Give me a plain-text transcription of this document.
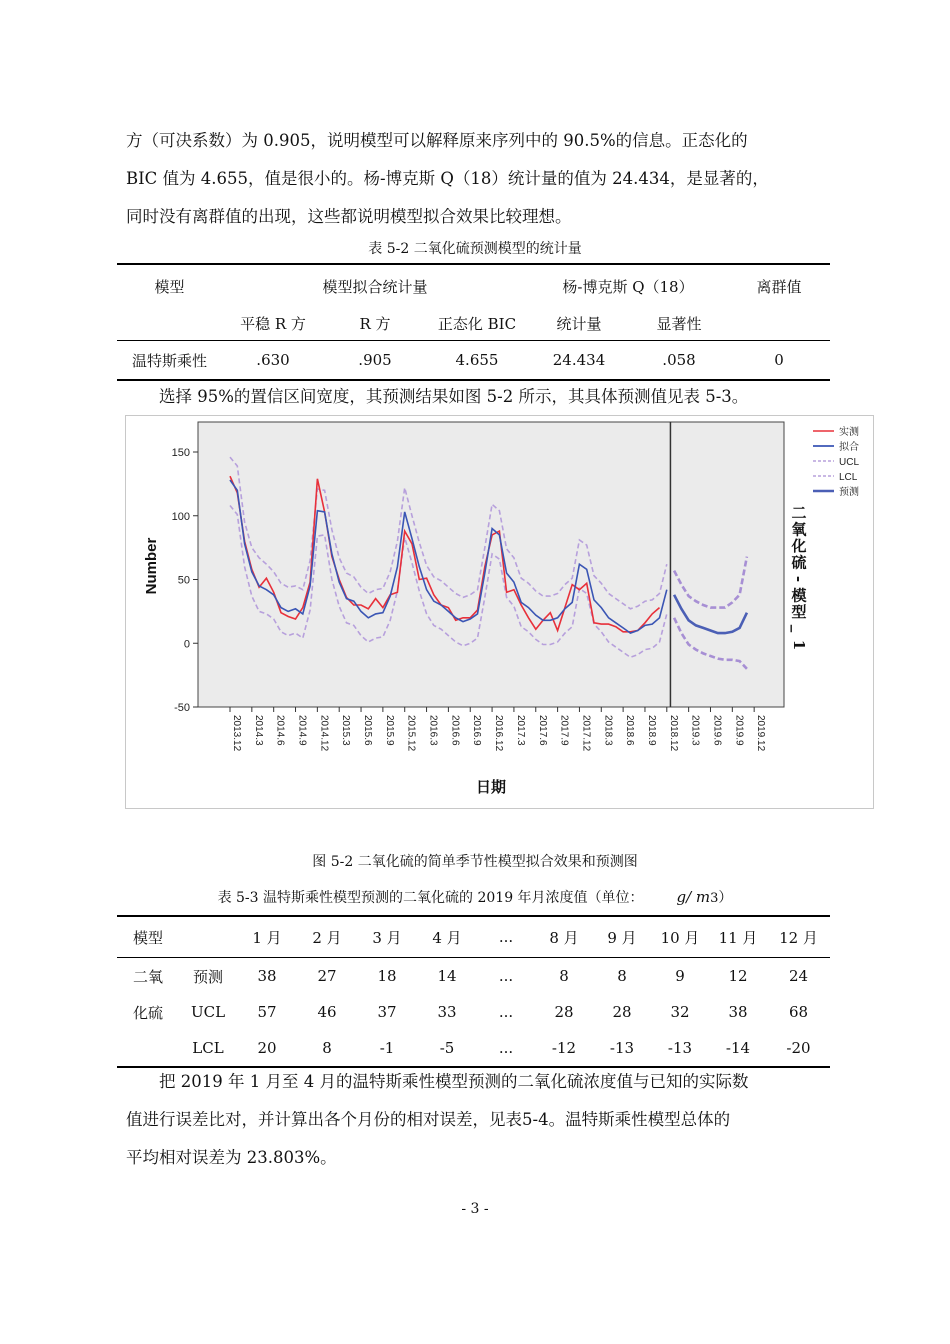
方（可决系数）为 0.905，说明模型可以解释原来序列中的 90.5%的信息。正态化的

BIC 值为 4.655，值是很小的。杨-博克斯 Q（18）统计量的值为 24.434，是显著的，

同时没有离群值的出现，这些都说明模型拟合效果比较理想。

表 5-2 二氧化硫预测模型的统计量
模型	模型拟合统计量			杨-博克斯 Q（18）		离群值
	平稳 R 方	R 方	正态化 BIC	统计量	显著性	
温特斯乘性	.630	.905	4.655	24.434	.058	0
选择 95%的置信区间宽度，其预测结果如图 5-2 所示，其具体预测值见表 5-3。
150
100
50
0
-50
2013.12 2014.3 2014.6 2014.9 2014.12 2015.3 2015.6 2015.9 2015.12 2016.3 2016.6 2016.9 2016.12 2017.3 2017.6 2017.9 2017.12 2018.3 2018.6 2018.9 2018.12 2019.3 2019.6 2019.9 2019.12
Number
日期
实测
拟合
UCL
LCL
预测
二
氧
化
硫
-
模
型
_
1
图 5-2 二氧化硫的简单季节性模型拟合效果和预测图
表 5-3 温特斯乘性模型预测的二氧化硫的 2019 年月浓度值（单位： g/ m3）
模型		1 月	2 月	3 月	4 月	...	8 月	9 月	10 月	11 月	12 月
二氧	预测	38	27	18	14	...	8	8	9	12	24
化硫	UCL	57	46	37	33	...	28	28	32	38	68
	LCL	20	8	-1	-5	...	-12	-13	-13	-14	-20

把 2019 年 1 月至 4 月的温特斯乘性模型预测的二氧化硫浓度值与已知的实际数

值进行误差比对，并计算出各个月份的相对误差，见表5-4。温特斯乘性模型总体的

平均相对误差为 23.803%。

- 3 -
